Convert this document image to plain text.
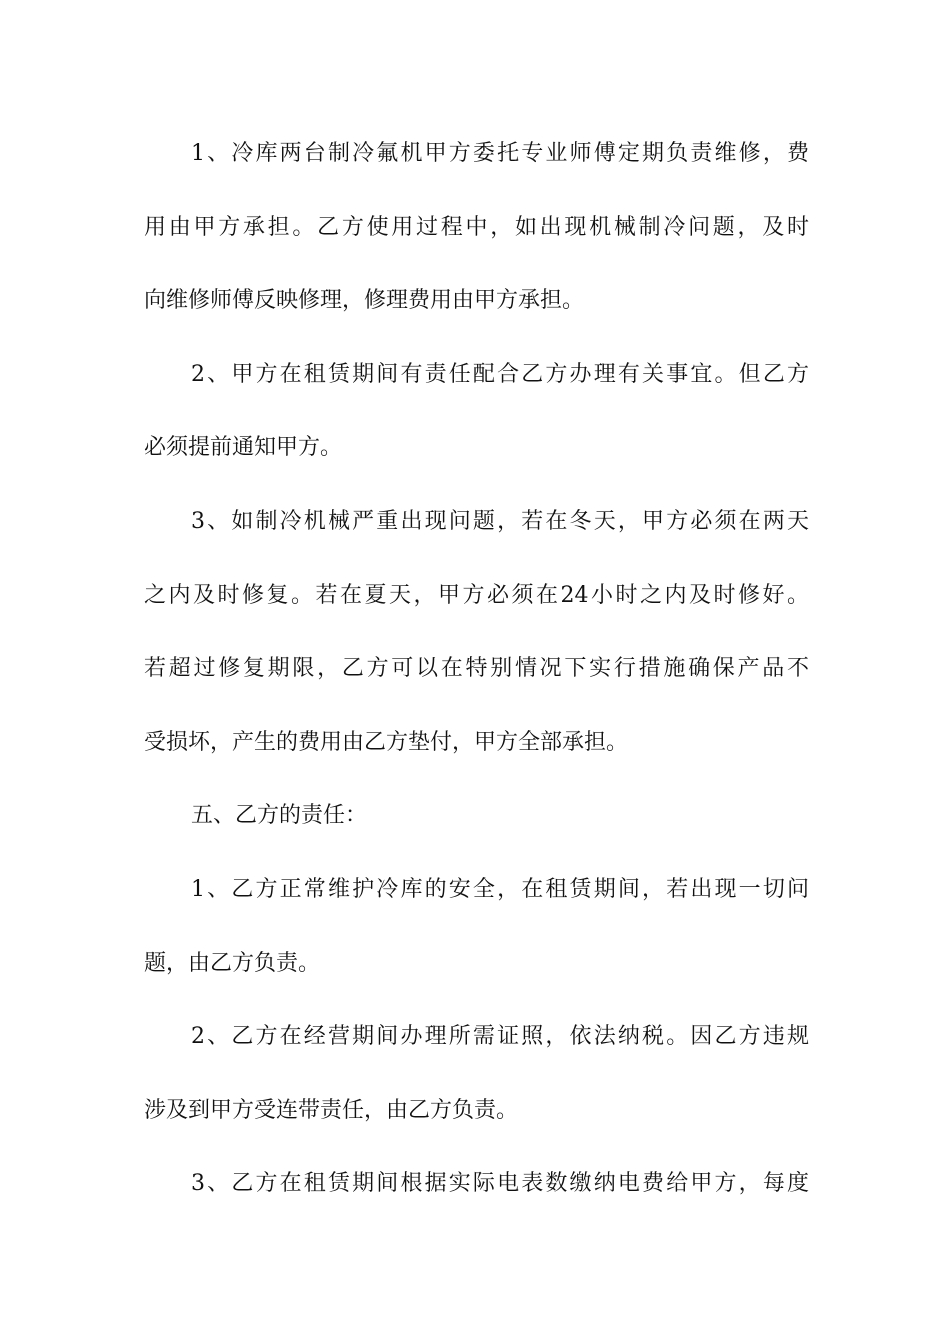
1、冷库两台制冷氟机甲方委托专业师傅定期负责维修，费
用由甲方承担。乙方使用过程中，如出现机械制冷问题，及时
向维修师傅反映修理，修理费用由甲方承担。
2、甲方在租赁期间有责任配合乙方办理有关事宜。但乙方
必须提前通知甲方。
3、如制冷机械严重出现问题，若在冬天，甲方必须在两天
之内及时修复。若在夏天，甲方必须在24小时之内及时修好。
若超过修复期限，乙方可以在特别情况下实行措施确保产品不
受损坏，产生的费用由乙方垫付，甲方全部承担。
五、乙方的责任：
1、乙方正常维护冷库的安全，在租赁期间，若出现一切问
题，由乙方负责。
2、乙方在经营期间办理所需证照，依法纳税。因乙方违规
涉及到甲方受连带责任，由乙方负责。
3、乙方在租赁期间根据实际电表数缴纳电费给甲方，每度
